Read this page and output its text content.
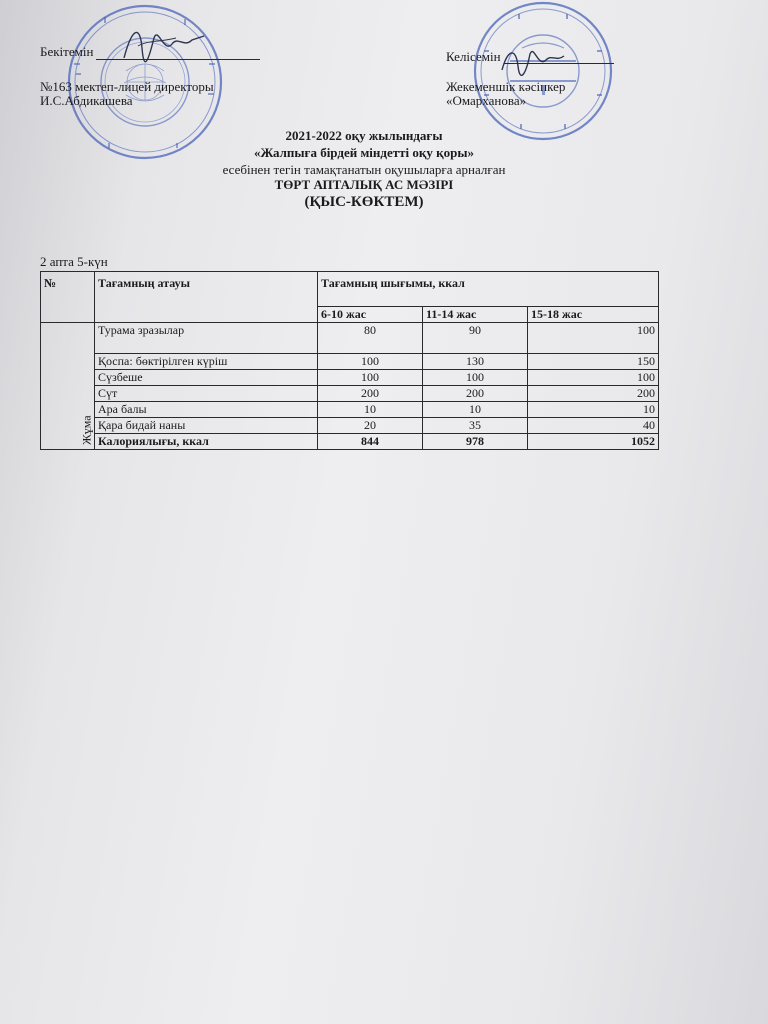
Бекітемін
№163 мектеп-лицей директоры
И.С.Абдикашева
Келісемін
Жекеменшік кәсіпкер
«Омарханова»
2021-2022 оқу жылындағы
«Жалпыға бірдей міндетті оқу қоры»
есебінен тегін тамақтанатын оқушыларға арналған
ТӨРТ АПТАЛЫҚ АС МӘЗІРІ
(ҚЫС-КӨКТЕМ)
2 апта 5-күн
№	Тағамның атауы	Тағамның шығымы, ккал		
		6-10 жас	11-14 жас	15-18 жас
Жұма	Турама зразылар	80	90	100
	Қоспа: бөктірілген күріш	100	130	150
	Сүзбеше	100	100	100
	Сүт	200	200	200
	Ара балы	10	10	10
	Қара бидай наны	20	35	40
	Калориялығы, ккал	844	978	1052
